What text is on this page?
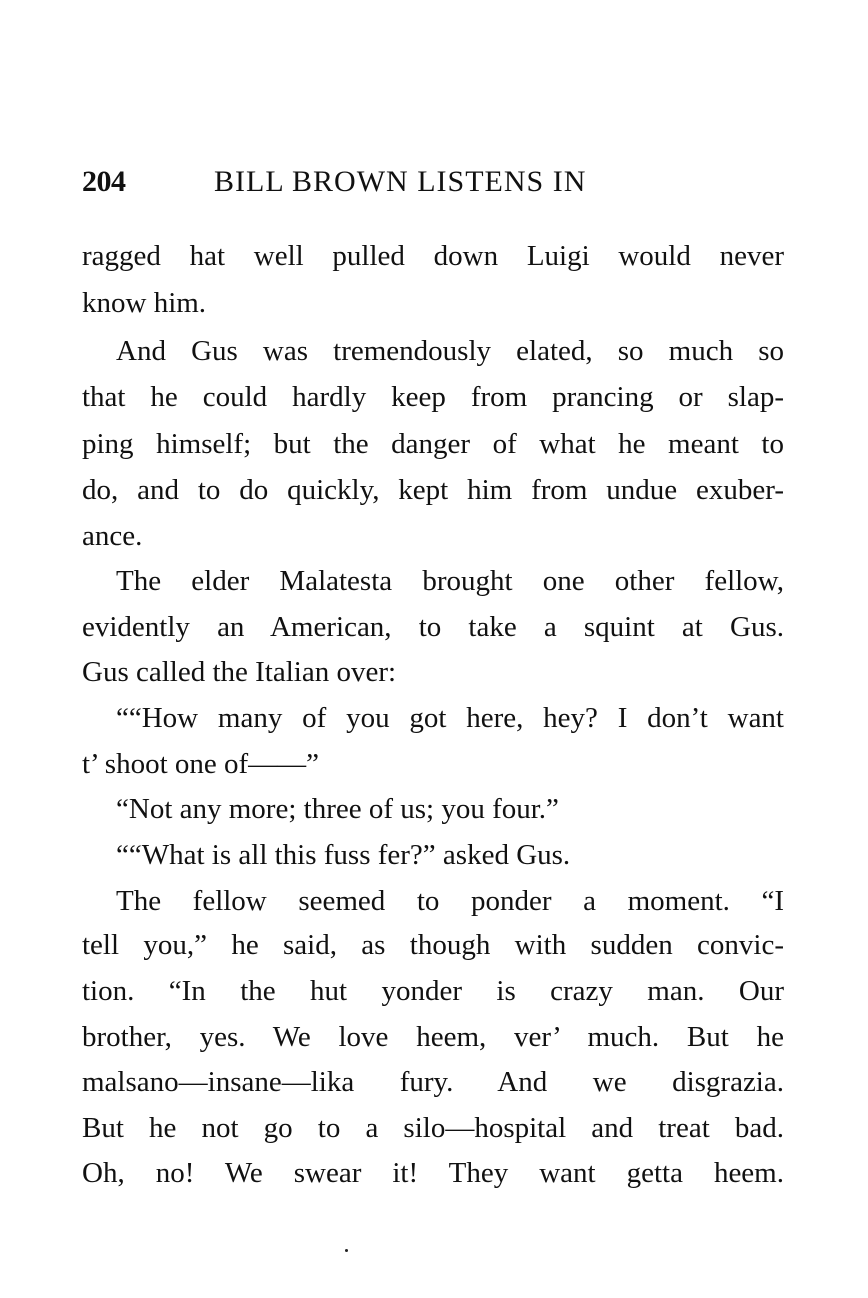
204	BILL BROWN LISTENS IN
ragged hat well pulled down Luigi would never
know him.
And Gus was tremendously elated, so much so
that he could hardly keep from prancing or slap-
ping himself; but the danger of what he meant to
do, and to do quickly, kept him from undue exuber-
ance.
The elder Malatesta brought one other fellow,
evidently an American, to take a squint at Gus.
Gus called the Italian over:
““How many of you got here, hey? I don’t want
t’ shoot one of——”
“Not any more; three of us; you four.”
““What is all this fuss fer?” asked Gus.
The fellow seemed to ponder a moment. “I
tell you,” he said, as though with sudden convic-
tion. “In the hut yonder is crazy man. Our
brother, yes. We love heem, ver’ much. But he
malsano—insane—lika fury. And we disgrazia.
But he not go to a silo—hospital and treat bad.
Oh, no! We swear it! They want getta heem.
